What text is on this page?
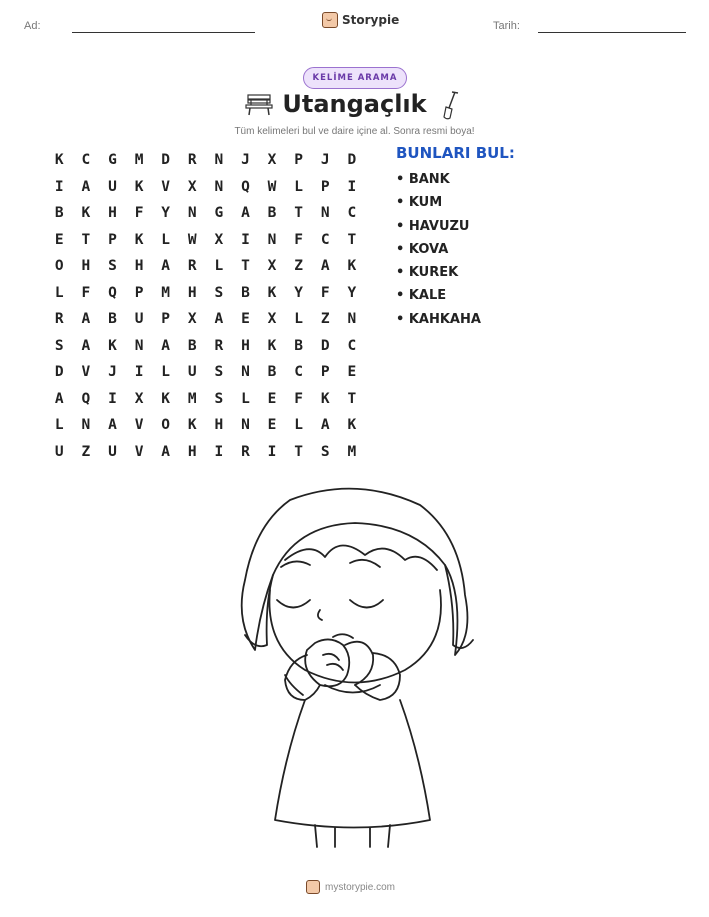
Ad:	Storypie	Tarih:
KELİME ARAMA
Utangaçlık
Tüm kelimeleri bul ve daire içine al. Sonra resmi boya!
K	C	G	M	D	R	N	J	X	P	J	D
I	A	U	K	V	X	N	Q	W	L	P	I
B	K	H	F	Y	N	G	A	B	T	N	C
E	T	P	K	L	W	X	I	N	F	C	T
O	H	S	H	A	R	L	T	X	Z	A	K
L	F	Q	P	M	H	S	B	K	Y	F	Y
R	A	B	U	P	X	A	E	X	L	Z	N
S	A	K	N	A	B	R	H	K	B	D	C
D	V	J	I	L	U	S	N	B	C	P	E
A	Q	I	X	K	M	S	L	E	F	K	T
L	N	A	V	O	K	H	N	E	L	A	K
U	Z	U	V	A	H	I	R	I	T	S	M
BUNLARI BUL:
• BANK
• KUM
• HAVUZU
• KOVA
• KUREK
• KALE
• KAHKAHA
mystorypie.com
